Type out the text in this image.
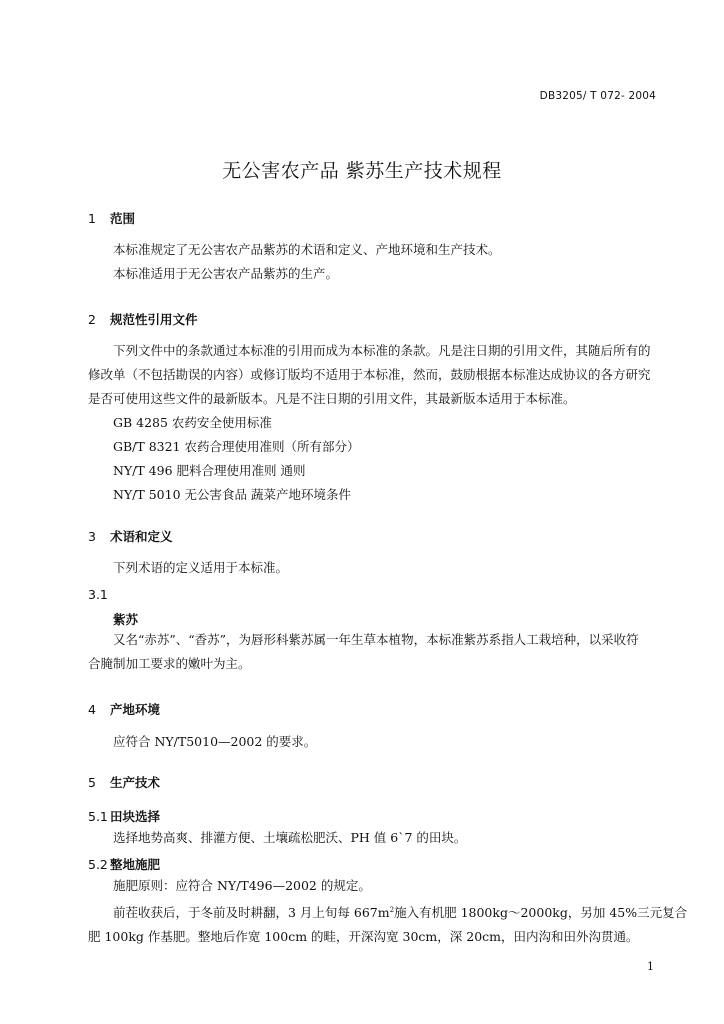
DB3205/ T 072- 2004
无公害农产品 紫苏生产技术规程
1 范围
本标准规定了无公害农产品紫苏的术语和定义、产地环境和生产技术。
本标准适用于无公害农产品紫苏的生产。
2 规范性引用文件
下列文件中的条款通过本标准的引用而成为本标准的条款。凡是注日期的引用文件，其随后所有的
修改单（不包括勘误的内容）或修订版均不适用于本标准，然而，鼓励根据本标准达成协议的各方研究
是否可使用这些文件的最新版本。凡是不注日期的引用文件，其最新版本适用于本标准。
GB 4285 农药安全使用标准
GB/T 8321 农药合理使用准则（所有部分）
NY/T 496 肥料合理使用准则 通则
NY/T 5010 无公害食品 蔬菜产地环境条件
3 术语和定义
下列术语的定义适用于本标准。
3.1
紫苏
又名“赤苏”、“香苏”，为唇形科紫苏属一年生草本植物，本标准紫苏系指人工栽培种，以采收符
合腌制加工要求的嫩叶为主。
4 产地环境
应符合 NY/T5010—2002 的要求。
5 生产技术
5.1 田块选择
选择地势高爽、排灌方便、土壤疏松肥沃、PH 值 6`7 的田块。
5.2 整地施肥
施肥原则：应符合 NY/T496—2002 的规定。
前茬收获后，于冬前及时耕翻，3 月上旬每 $667m^2$施入有机肥 1800kg～2000kg，另加 45%三元复合
肥 100kg 作基肥。整地后作宽 100cm 的畦，开深沟宽 30cm，深 20cm，田内沟和田外沟贯通。
1
